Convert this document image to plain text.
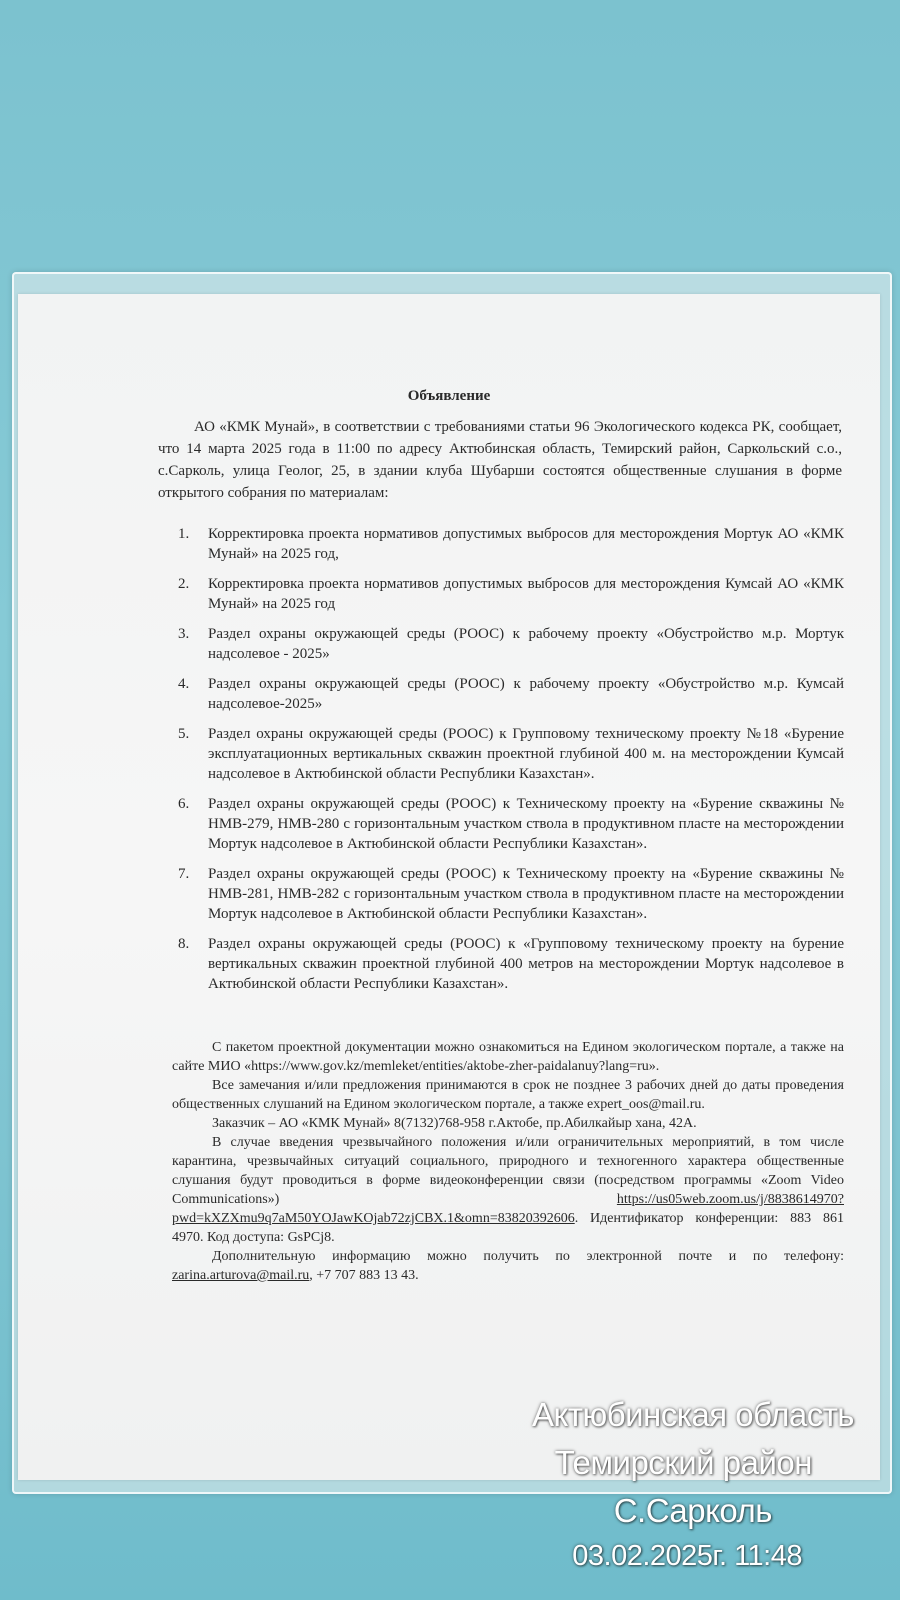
Объявление

АО «КМК Мунай», в соответствии с требованиями статьи 96 Экологического кодекса РК, сообщает, что 14 марта 2025 года в 11:00 по адресу Актюбинская область, Темирский район, Саркольский с.о., с.Сарколь, улица Геолог, 25, в здании клуба Шубарши состоятся общественные слушания в форме открытого собрания по материалам:

1.	Корректировка проекта нормативов допустимых выбросов для месторождения Мортук АО «КМК Мунай» на 2025 год,
2.	Корректировка проекта нормативов допустимых выбросов для месторождения Кумсай АО «КМК Мунай» на 2025 год
3.	Раздел охраны окружающей среды (РООС) к рабочему проекту «Обустройство м.р. Мортук надсолевое - 2025»
4.	Раздел охраны окружающей среды (РООС) к рабочему проекту «Обустройство м.р. Кумсай надсолевое-2025»
5.	Раздел охраны окружающей среды (РООС) к Групповому техническому проекту №18 «Бурение эксплуатационных вертикальных скважин проектной глубиной 400 м. на месторождении Кумсай надсолевое в Актюбинской области Республики Казахстан».
6.	Раздел охраны окружающей среды (РООС) к Техническому проекту на «Бурение скважины № НМВ-279, НМВ-280 с горизонтальным участком ствола в продуктивном пласте на месторождении Мортук надсолевое в Актюбинской области Республики Казахстан».
7.	Раздел охраны окружающей среды (РООС) к Техническому проекту на «Бурение скважины № НМВ-281, НМВ-282 с горизонтальным участком ствола в продуктивном пласте на месторождении Мортук надсолевое в Актюбинской области Республики Казахстан».
8.	Раздел охраны окружающей среды (РООС) к «Групповому техническому проекту на бурение вертикальных скважин проектной глубиной 400 метров на месторождении Мортук надсолевое в Актюбинской области Республики Казахстан».

С пакетом проектной документации можно ознакомиться на Едином экологическом портале, а также на сайте МИО «https://www.gov.kz/memleket/entities/aktobe-zher-paidalanuy?lang=ru».

Все замечания и/или предложения принимаются в срок не позднее 3 рабочих дней до даты проведения общественных слушаний на Едином экологическом портале, а также expert_oos@mail.ru.

Заказчик – АО «КМК Мунай» 8(7132)768-958 г.Актобе, пр.Абилкайыр хана, 42А.

В случае введения чрезвычайного положения и/или ограничительных мероприятий, в том числе карантина, чрезвычайных ситуаций социального, природного и техногенного характера общественные слушания будут проводиться в форме видеоконференции связи (посредством программы «Zoom Video Communications»)	https://us05web.zoom.us/j/8838614970?pwd=kXZXmu9q7aM50YOJawKOjab72zjCBX.1&omn=83820392606. Идентификатор конференции: 883 861 4970. Код доступа: GsPCj8.

Дополнительную информацию можно получить по электронной почте и по телефону: zarina.arturova@mail.ru, +7 707 883 13 43.

Актюбинская область
Темирский район
С.Сарколь
03.02.2025г. 11:48
